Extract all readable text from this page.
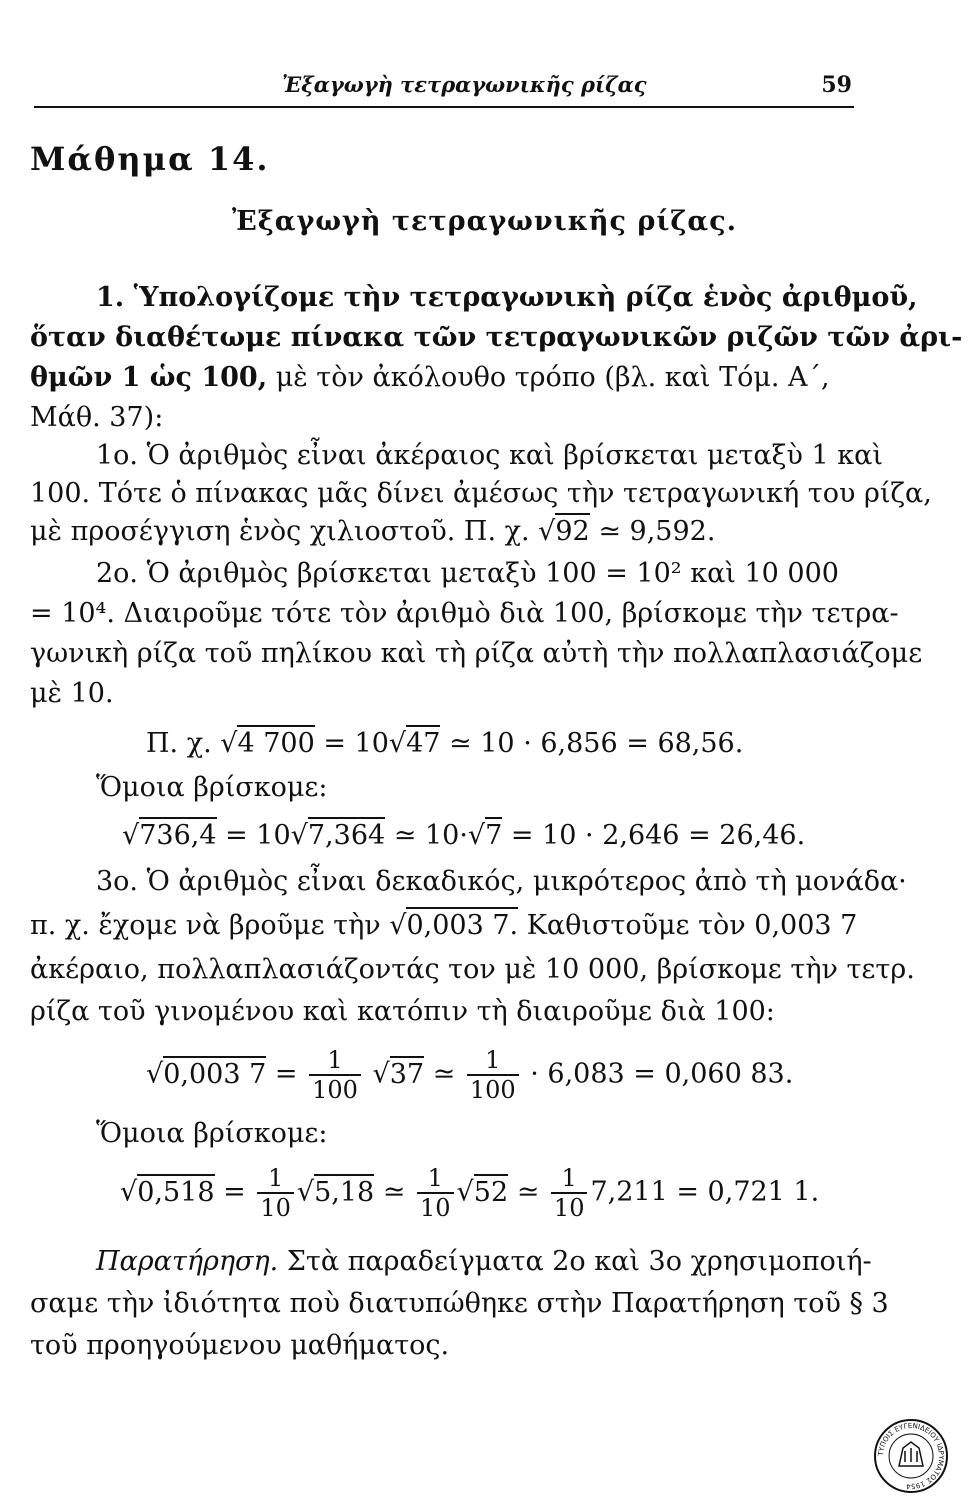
Ἐξαγωγὴ τετραγωνικῆς ρίζας	59
Μάθημα 14.
Ἐξαγωγὴ τετραγωνικῆς ρίζας.
1. Ὑπολογίζομε τὴν τετραγωνικὴ ρίζα ἑνὸς ἀριθμοῦ,
ὅταν διαθέτωμε πίνακα τῶν τετραγωνικῶν ριζῶν τῶν ἀρι-
θμῶν 1 ὡς 100, μὲ τὸν ἀκόλουθο τρόπο (βλ. καὶ Τόμ. Α΄,
Μάθ. 37):
1ο. Ὁ ἀριθμὸς εἶναι ἀκέραιος καὶ βρίσκεται μεταξὺ 1 καὶ
100. Τότε ὁ πίνακας μᾶς δίνει ἀμέσως τὴν τετραγωνική του ρίζα,
μὲ προσέγγιση ἑνὸς χιλιοστοῦ. Π. χ. √92 ≃ 9,592.
2ο. Ὁ ἀριθμὸς βρίσκεται μεταξὺ 100 = 10² καὶ 10 000
= 10⁴. Διαιροῦμε τότε τὸν ἀριθμὸ διὰ 100, βρίσκομε τὴν τετρα-
γωνικὴ ρίζα τοῦ πηλίκου καὶ τὴ ρίζα αὐτὴ τὴν πολλαπλασιάζομε
μὲ 10.
Π. χ. √4 700 = 10√47 ≃ 10 · 6,856 = 68,56.
Ὅμοια βρίσκομε:
√736,4 = 10√7,364 ≃ 10·√7 = 10 · 2,646 = 26,46.
3ο. Ὁ ἀριθμὸς εἶναι δεκαδικός, μικρότερος ἀπὸ τὴ μονάδα·
π. χ. ἔχομε νὰ βροῦμε τὴν √0,003 7. Καθιστοῦμε τὸν 0,003 7
ἀκέραιο, πολλαπλασιάζοντάς τον μὲ 10 000, βρίσκομε τὴν τετρ.
ρίζα τοῦ γινομένου καὶ κατόπιν τὴ διαιροῦμε διὰ 100:
√0,003 $7 = \frac{1}{100} √37$ ≃ $\frac{1}{100} \cdot 6,083 = 0,060$ 83.
Ὅμοια βρίσκομε:
$√0,518 = \frac{1}{10} √5,18$ ≃ $\frac{1}{10} √52$ ≃ $\frac{1}{10} 7,211 = 0,721$ 1.
Παρατήρηση. Στὰ παραδείγματα 2ο καὶ 3ο χρησιμοποιή-
σαμε τὴν ἰδιότητα ποὺ διατυπώθηκε στὴν Παρατήρηση τοῦ § 3
τοῦ προηγούμενου μαθήματος.
ΤΥΠΟΙΣ ΕΥΓΕΝΙΔΕΙΟΥ ΙΔΡΥΜΑΤΟΣ 1954
